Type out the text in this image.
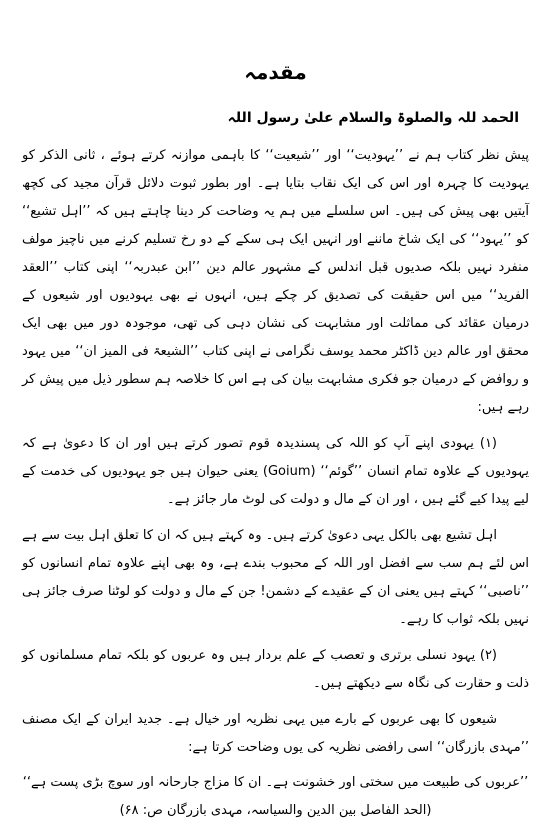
مقدمہ
الحمد للہ والصلوۃ والسلام علیٰ رسول اللہ

پیش نظر کتاب ہم نے ’’یہودیت‘‘ اور ’’شیعیت‘‘ کا باہمی موازنہ کرتے ہوئے ، ثانی الذکر کو یہودیت کا چہرہ اور اس کی ایک نقاب بتایا ہے۔ اور بطور ثبوت دلائل قرآن مجید کی کچھ آیتیں بھی پیش کی ہیں۔ اس سلسلے میں ہم یہ وضاحت کر دینا چاہتے ہیں کہ ’’اہل تشیع‘‘ کو ’’یہود‘‘ کی ایک شاخ ماننے اور انہیں ایک ہی سکے کے دو رخ تسلیم کرنے میں ناچیز مولف منفرد نہیں بلکہ صدیوں قبل اندلس کے مشہور عالم دین ’’ابن عبدربہ‘‘ اپنی کتاب ’’العقد الفرید‘‘ میں اس حقیقت کی تصدیق کر چکے ہیں، انہوں نے بھی یہودیوں اور شیعوں کے درمیان عقائد کی مماثلت اور مشابہت کی نشان دہی کی تھی، موجودہ دور میں بھی ایک محقق اور عالم دین ڈاکٹر محمد یوسف نگرامی نے اپنی کتاب ’’الشیعۃ فی المیز ان‘‘ میں یہود و روافض کے درمیان جو فکری مشابہت بیان کی ہے اس کا خلاصہ ہم سطور ذیل میں پیش کر رہے ہیں:

(۱) یہودی اپنے آپ کو اللہ کی پسندیدہ قوم تصور کرتے ہیں اور ان کا دعویٰ ہے کہ یہودیوں کے علاوہ تمام انسان ’’گوئم‘‘ (Goium) یعنی حیوان ہیں جو یہودیوں کی خدمت کے لیے پیدا کیے گئے ہیں ، اور ان کے مال و دولت کی لوٹ مار جائز ہے۔

اہل تشیع بھی بالکل یہی دعویٰ کرتے ہیں۔ وہ کہتے ہیں کہ ان کا تعلق اہل بیت سے ہے اس لئے ہم سب سے افضل اور اللہ کے محبوب بندے ہے، وہ بھی اپنے علاوہ تمام انسانوں کو ’’ناصبی‘‘ کہتے ہیں یعنی ان کے عقیدے کے دشمن! جن کے مال و دولت کو لوٹنا صرف جائز ہی نہیں بلکہ ثواب کا رہے۔

(۲) یہود نسلی برتری و تعصب کے علم بردار ہیں وہ عربوں کو بلکہ تمام مسلمانوں کو ذلت و حقارت کی نگاہ سے دیکھتے ہیں۔

شیعوں کا بھی عربوں کے بارے میں یہی نظریہ اور خیال ہے۔ جدید ایران کے ایک مصنف ’’مہدی بازرگان‘‘ اسی رافضی نظریہ کی یوں وضاحت کرتا ہے:

’’عربوں کی طبیعت میں سختی اور خشونت ہے۔ ان کا مزاج جارحانہ اور سوچ بڑی پست ہے‘‘
(الحد الفاصل بین الدین والسیاسہ، مہدی بازرگان ص: ۶۸)
